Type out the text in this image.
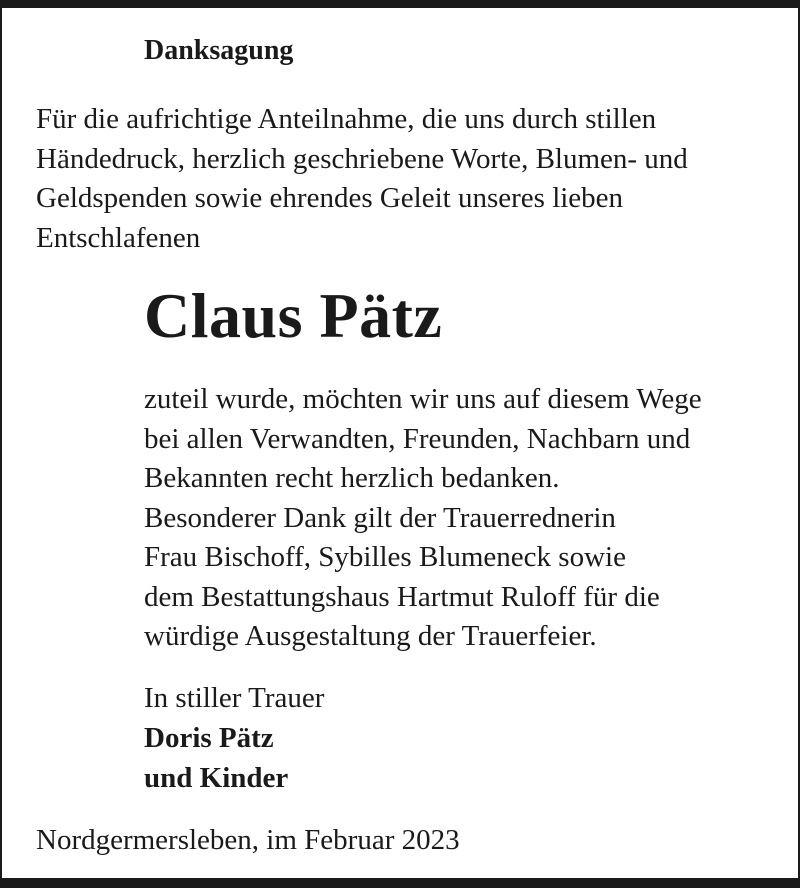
Danksagung

Für die aufrichtige Anteilnahme, die uns durch stillen
Händedruck, herzlich geschriebene Worte, Blumen- und
Geldspenden sowie ehrendes Geleit unseres lieben
Entschlafenen

Claus Pätz

zuteil wurde, möchten wir uns auf diesem Wege
bei allen Verwandten, Freunden, Nachbarn und
Bekannten recht herzlich bedanken.
Besonderer Dank gilt der Trauerrednerin
Frau Bischoff, Sybilles Blumeneck sowie
dem Bestattungshaus Hartmut Ruloff für die
würdige Ausgestaltung der Trauerfeier.

In stiller Trauer
Doris Pätz
und Kinder

Nordgermersleben, im Februar 2023
